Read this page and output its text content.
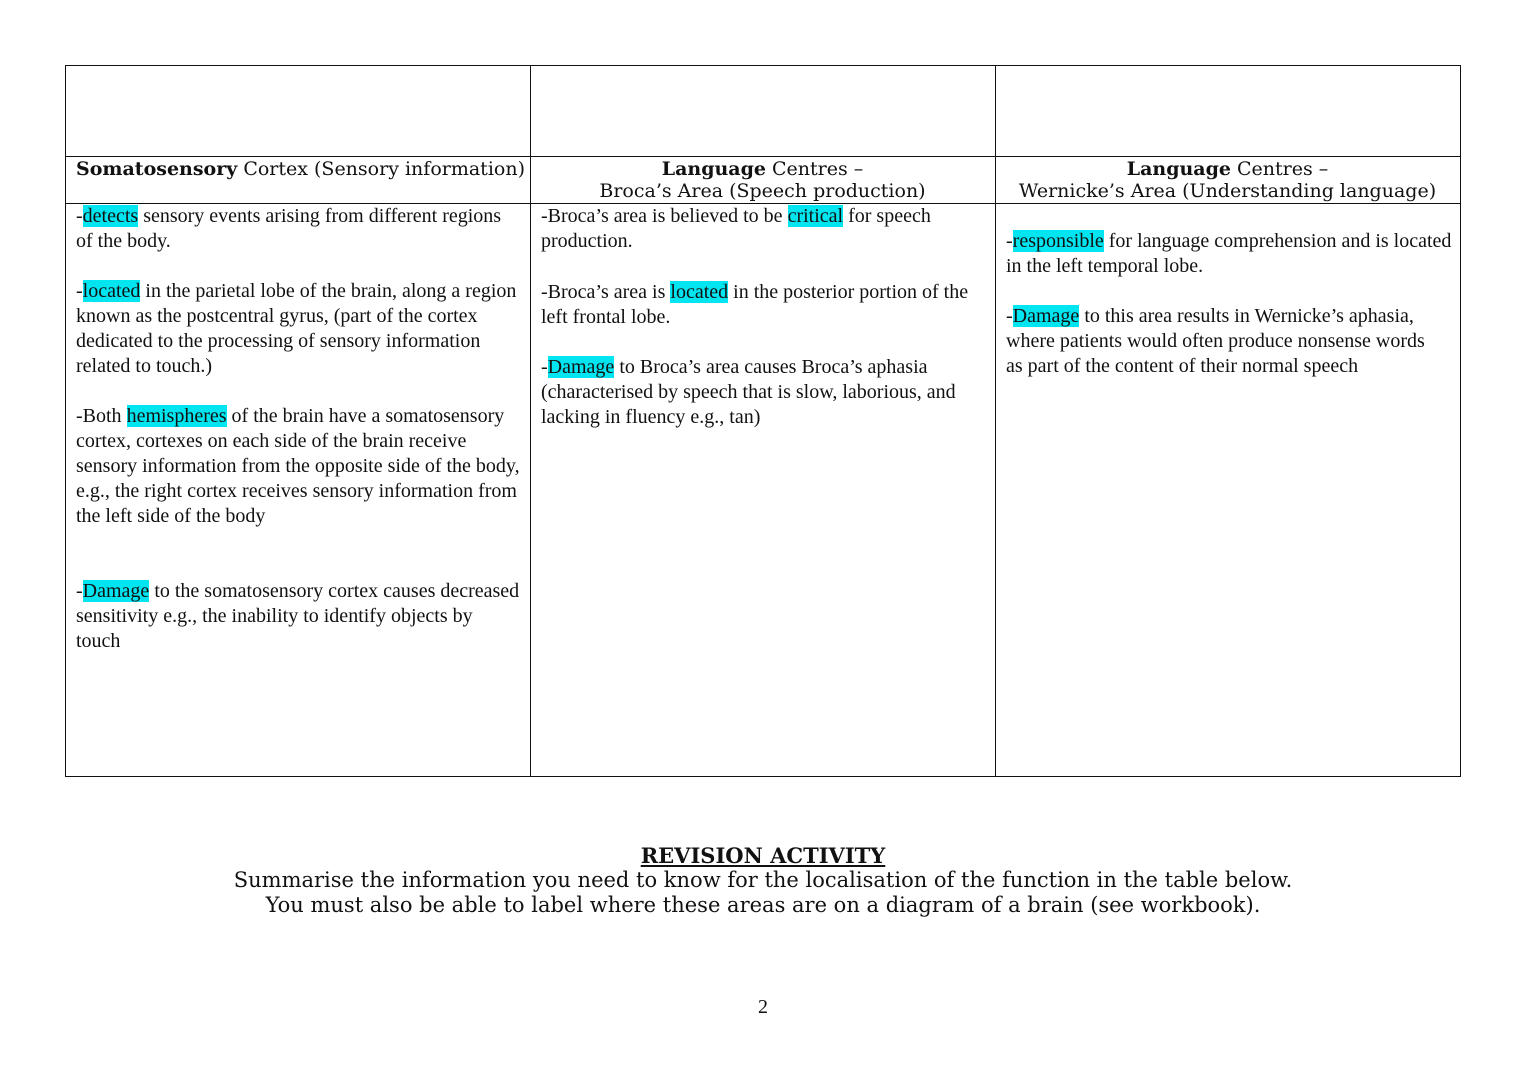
Somatosensory Cortex (Sensory information)	Language Centres –
Broca’s Area (Speech production)
Language Centres –
Wernicke’s Area (Understanding language)

-detects sensory events arising from different regions of the body.

-located in the parietal lobe of the brain, along a region known as the postcentral gyrus, (part of the cortex dedicated to the processing of sensory information related to touch.)

-Both hemispheres of the brain have a somatosensory cortex, cortexes on each side of the brain receive sensory information from the opposite side of the body, e.g., the right cortex receives sensory information from the left side of the body

-Damage to the somatosensory cortex causes decreased sensitivity e.g., the inability to identify objects by touch

-Broca’s area is believed to be critical for speech production.

-Broca’s area is located in the posterior portion of the left frontal lobe.

-Damage to Broca’s area causes Broca’s aphasia (characterised by speech that is slow, laborious, and lacking in fluency e.g., tan)

-responsible for language comprehension and is located in the left temporal lobe.

-Damage to this area results in Wernicke’s aphasia, where patients would often produce nonsense words as part of the content of their normal speech

REVISION ACTIVITY
Summarise the information you need to know for the localisation of the function in the table below.
You must also be able to label where these areas are on a diagram of a brain (see workbook).
2
